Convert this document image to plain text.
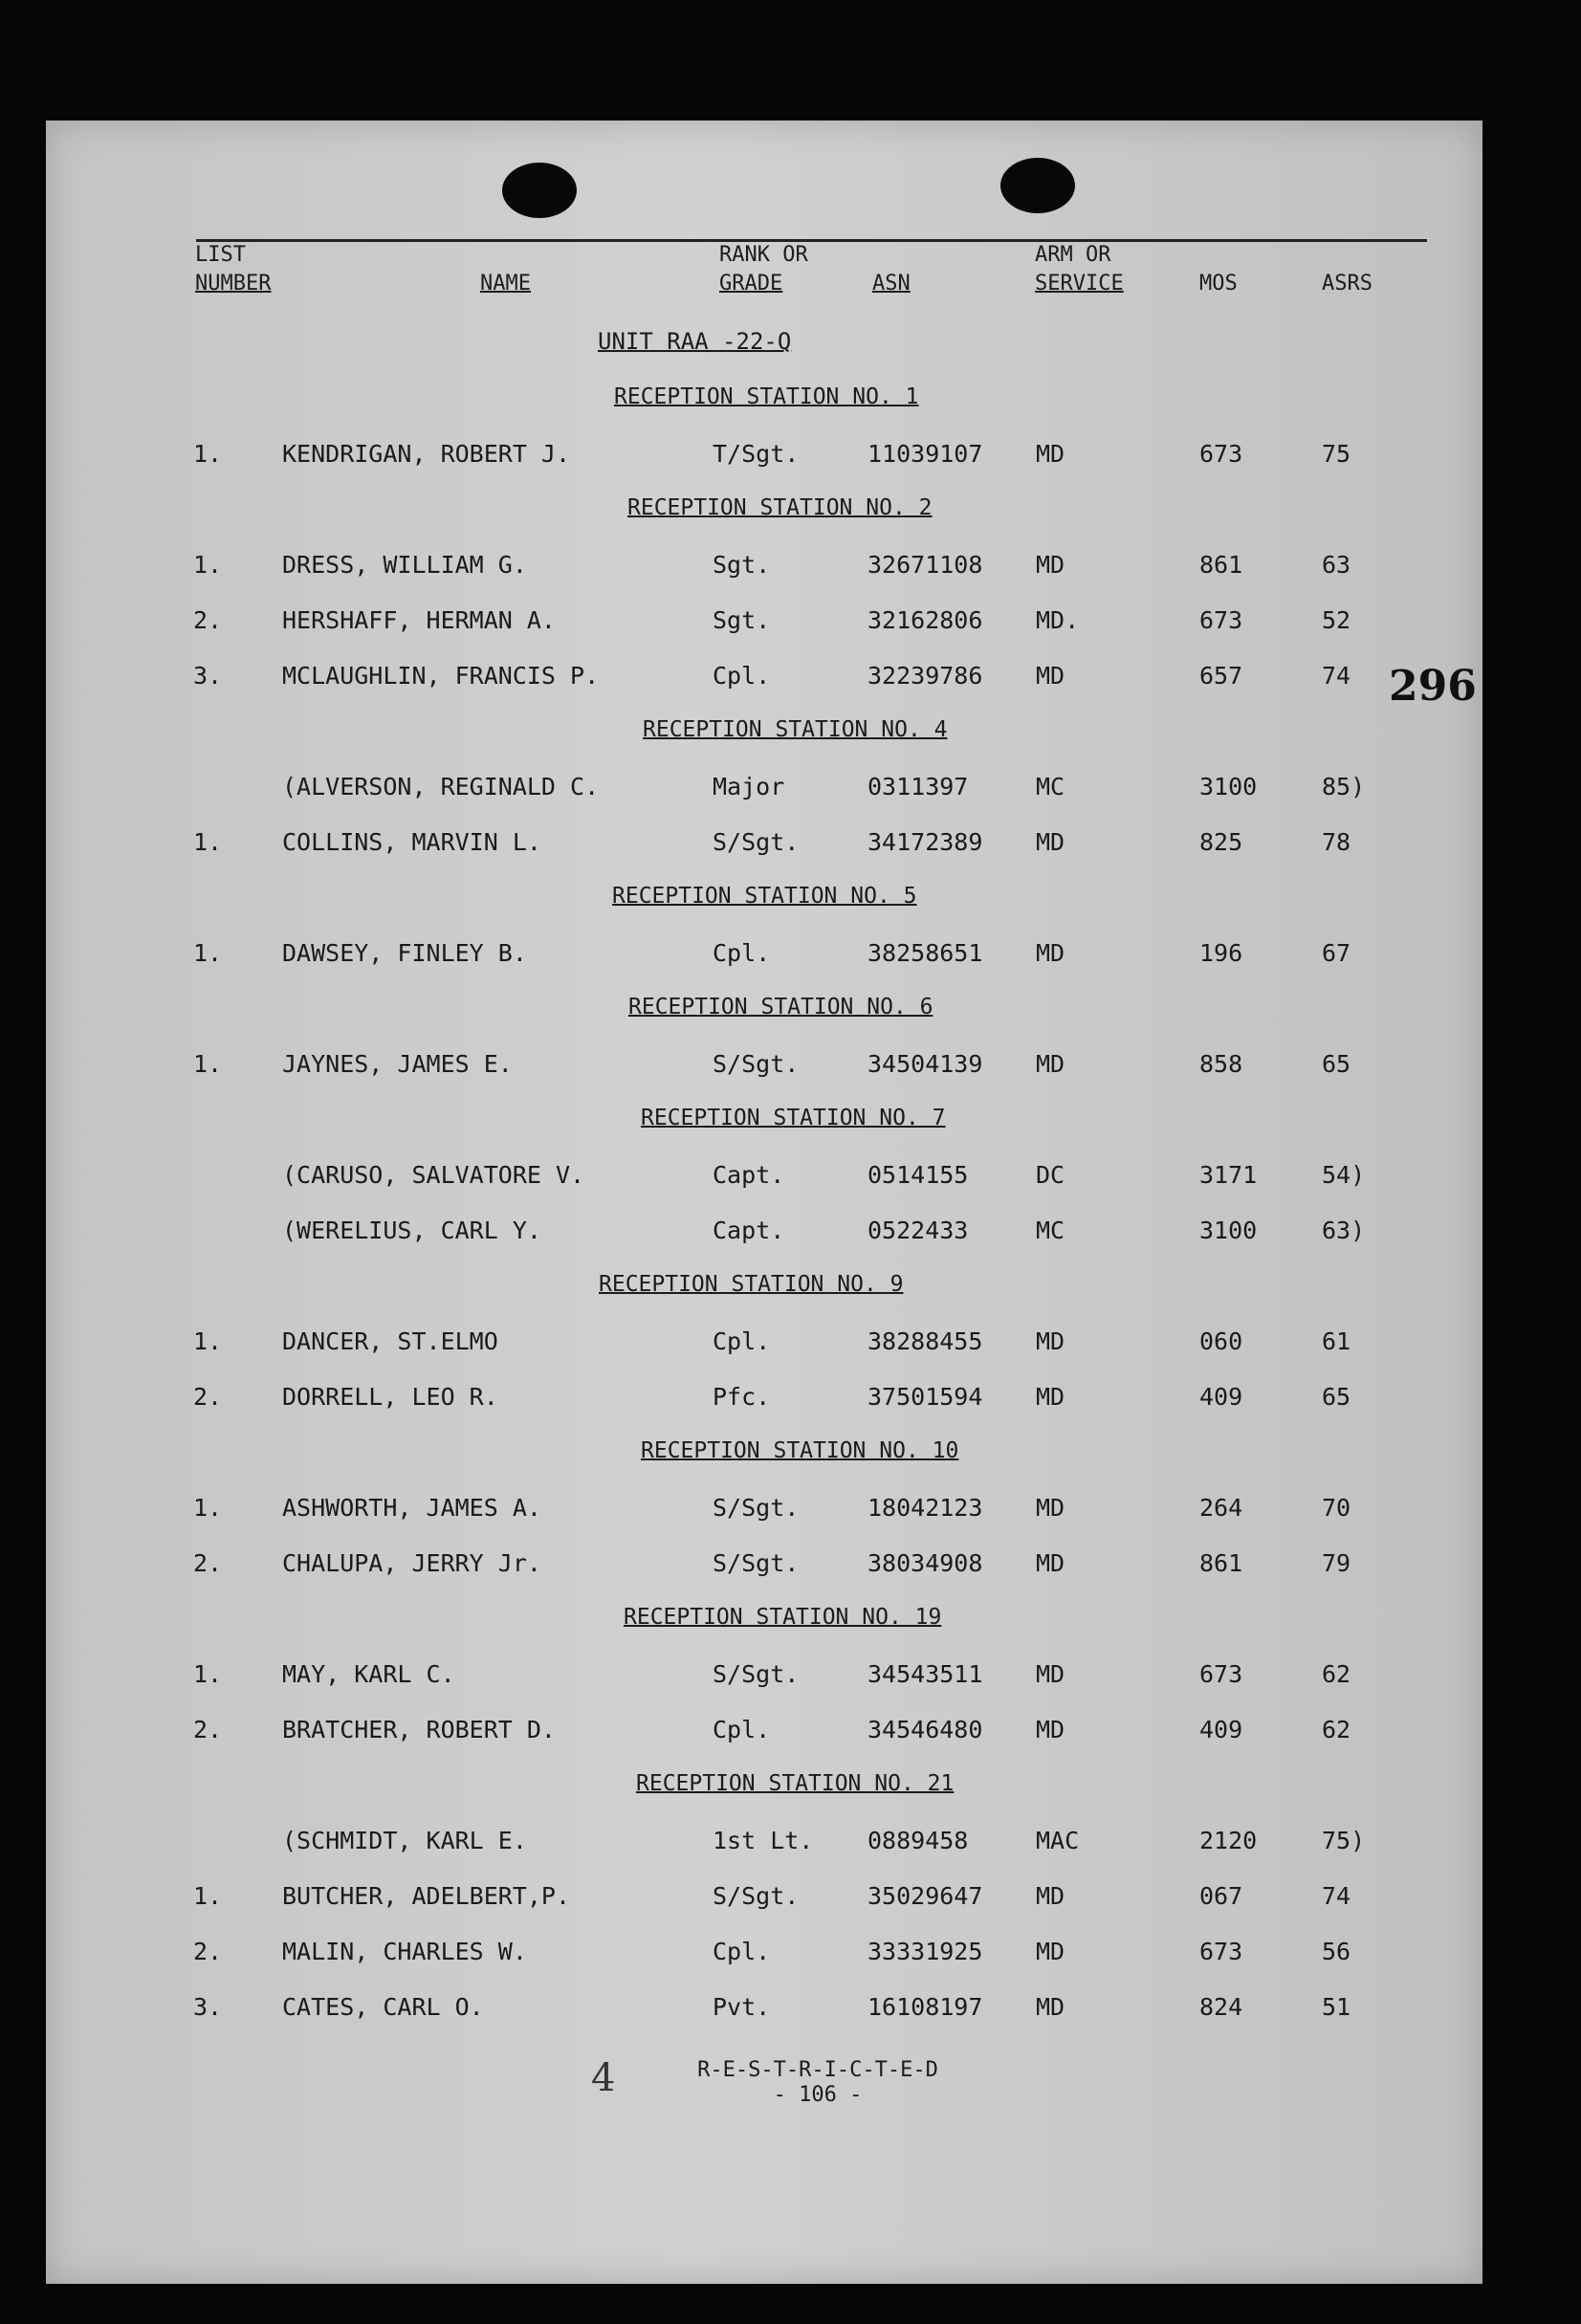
296
LIST
NUMBER	NAME
RANK OR
GRADE	ASN
ARM OR
SERVICE	MOS	ASRS
UNIT RAA -22-Q
RECEPTION STATION NO. 1
1.	KENDRIGAN, ROBERT J.	T/Sgt.	11039107 MD	673	75
RECEPTION STATION NO. 2
1.	DRESS, WILLIAM G.	Sgt.	32671108 MD	861	63
2.	HERSHAFF, HERMAN A.	Sgt.	32162806 MD.	673	52
3.	MCLAUGHLIN, FRANCIS P.	Cpl.	32239786 MD	657	74
RECEPTION STATION NO. 4
(ALVERSON, REGINALD C.	Major	0311397	MC	3100	85)
1.	COLLINS, MARVIN L.	S/Sgt.	34172389 MD	825	78
RECEPTION STATION NO. 5
1.	DAWSEY, FINLEY B.	Cpl.	38258651 MD	196	67
RECEPTION STATION NO. 6
1.	JAYNES, JAMES E.	S/Sgt.	34504139 MD	858	65
RECEPTION STATION NO. 7
(CARUSO, SALVATORE V.	Capt.	0514155	DC	3171	54)
(WERELIUS, CARL Y.	Capt.	0522433	MC	3100	63)
RECEPTION STATION NO. 9
1.	DANCER, ST.ELMO	Cpl.	38288455 MD	060	61
2.	DORRELL, LEO R.	Pfc.	37501594 MD	409	65
RECEPTION STATION NO. 10
1.	ASHWORTH, JAMES A.	S/Sgt.	18042123 MD	264	70
2.	CHALUPA, JERRY Jr.	S/Sgt.	38034908 MD	861	79
RECEPTION STATION NO. 19
1.	MAY, KARL C.	S/Sgt.	34543511 MD	673	62
2.	BRATCHER, ROBERT D.	Cpl.	34546480 MD	409	62
RECEPTION STATION NO. 21
(SCHMIDT, KARL E.	1st Lt. 0889458	MAC	2120	75)
1.	BUTCHER, ADELBERT,P.	S/Sgt.	35029647 MD	067	74
2.	MALIN, CHARLES W.	Cpl.	33331925 MD	673	56
3.	CATES, CARL O.	Pvt.	16108197 MD	824	51
4	R-E-S-T-R-I-C-T-E-D
- 106 -
